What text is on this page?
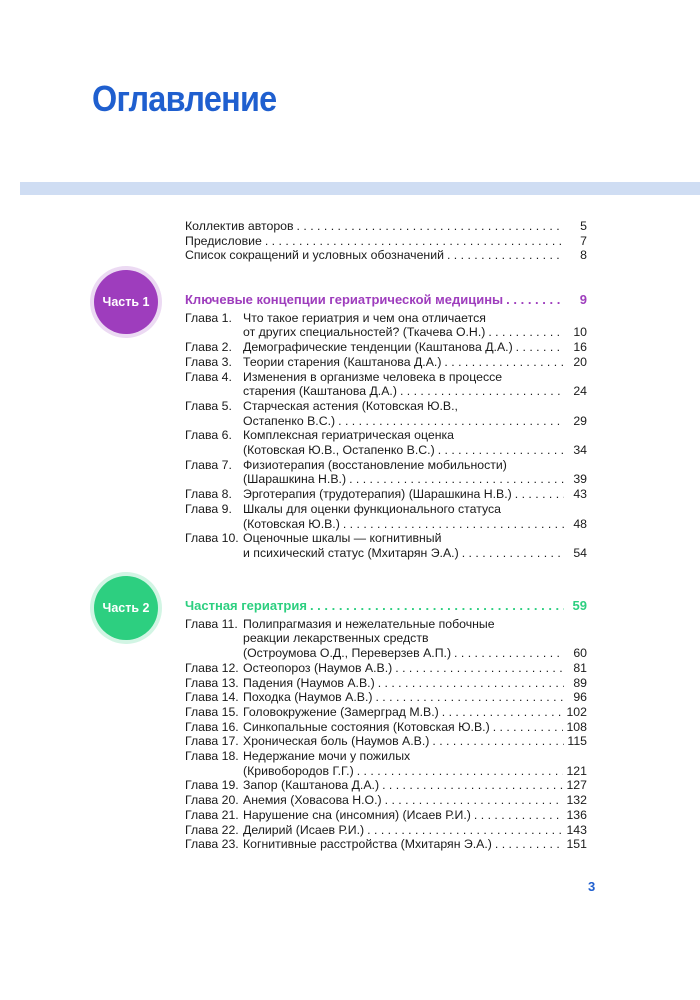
Оглавление
Коллектив авторов . . .	5
Предисловие . . .	7
Список сокращений и условных обозначений . . .	8
Часть 1	Ключевые концепции гериатрической медицины . . .	9
Глава 1. Что такое гериатрия и чем она отличается
от других специальностей? (Ткачева О.Н.) . . .	10
Глава 2. Демографические тенденции (Каштанова Д.А.) . . .	16
Глава 3. Теории старения (Каштанова Д.А.) . . .	20
Глава 4. Изменения в организме человека в процессе
старения (Каштанова Д.А.) . . .	24
Глава 5. Старческая астения (Котовская Ю.В.,
Остапенко В.С.) . . .	29
Глава 6. Комплексная гериатрическая оценка
(Котовская Ю.В., Остапенко В.С.) . . .	34
Глава 7. Физиотерапия (восстановление мобильности)
(Шарашкина Н.В.) . . .	39
Глава 8. Эрготерапия (трудотерапия) (Шарашкина Н.В.) . . .	43
Глава 9. Шкалы для оценки функционального статуса
(Котовская Ю.В.) . . .	48
Глава 10. Оценочные шкалы — когнитивный
и психический статус (Мхитарян Э.А.) . . .	54
Часть 2	Частная гериатрия . . .	59
Глава 11. Полипрагмазия и нежелательные побочные
реакции лекарственных средств
(Остроумова О.Д., Переверзев А.П.) . . .	60
Глава 12. Остеопороз (Наумов А.В.) . . .	81
Глава 13. Падения (Наумов А.В.) . . .	89
Глава 14. Походка (Наумов А.В.) . . .	96
Глава 15. Головокружение (Замерград М.В.) . . .	102
Глава 16. Синкопальные состояния (Котовская Ю.В.) . . .	108
Глава 17. Хроническая боль (Наумов А.В.) . . .	115
Глава 18. Недержание мочи у пожилых
(Кривобородов Г.Г.) . . .	121
Глава 19. Запор (Каштанова Д.А.) . . .	127
Глава 20. Анемия (Ховасова Н.О.) . . .	132
Глава 21. Нарушение сна (инсомния) (Исаев Р.И.) . . .	136
Глава 22. Делирий (Исаев Р.И.) . . .	143
Глава 23. Когнитивные расстройства (Мхитарян Э.А.) . . .	151
3
